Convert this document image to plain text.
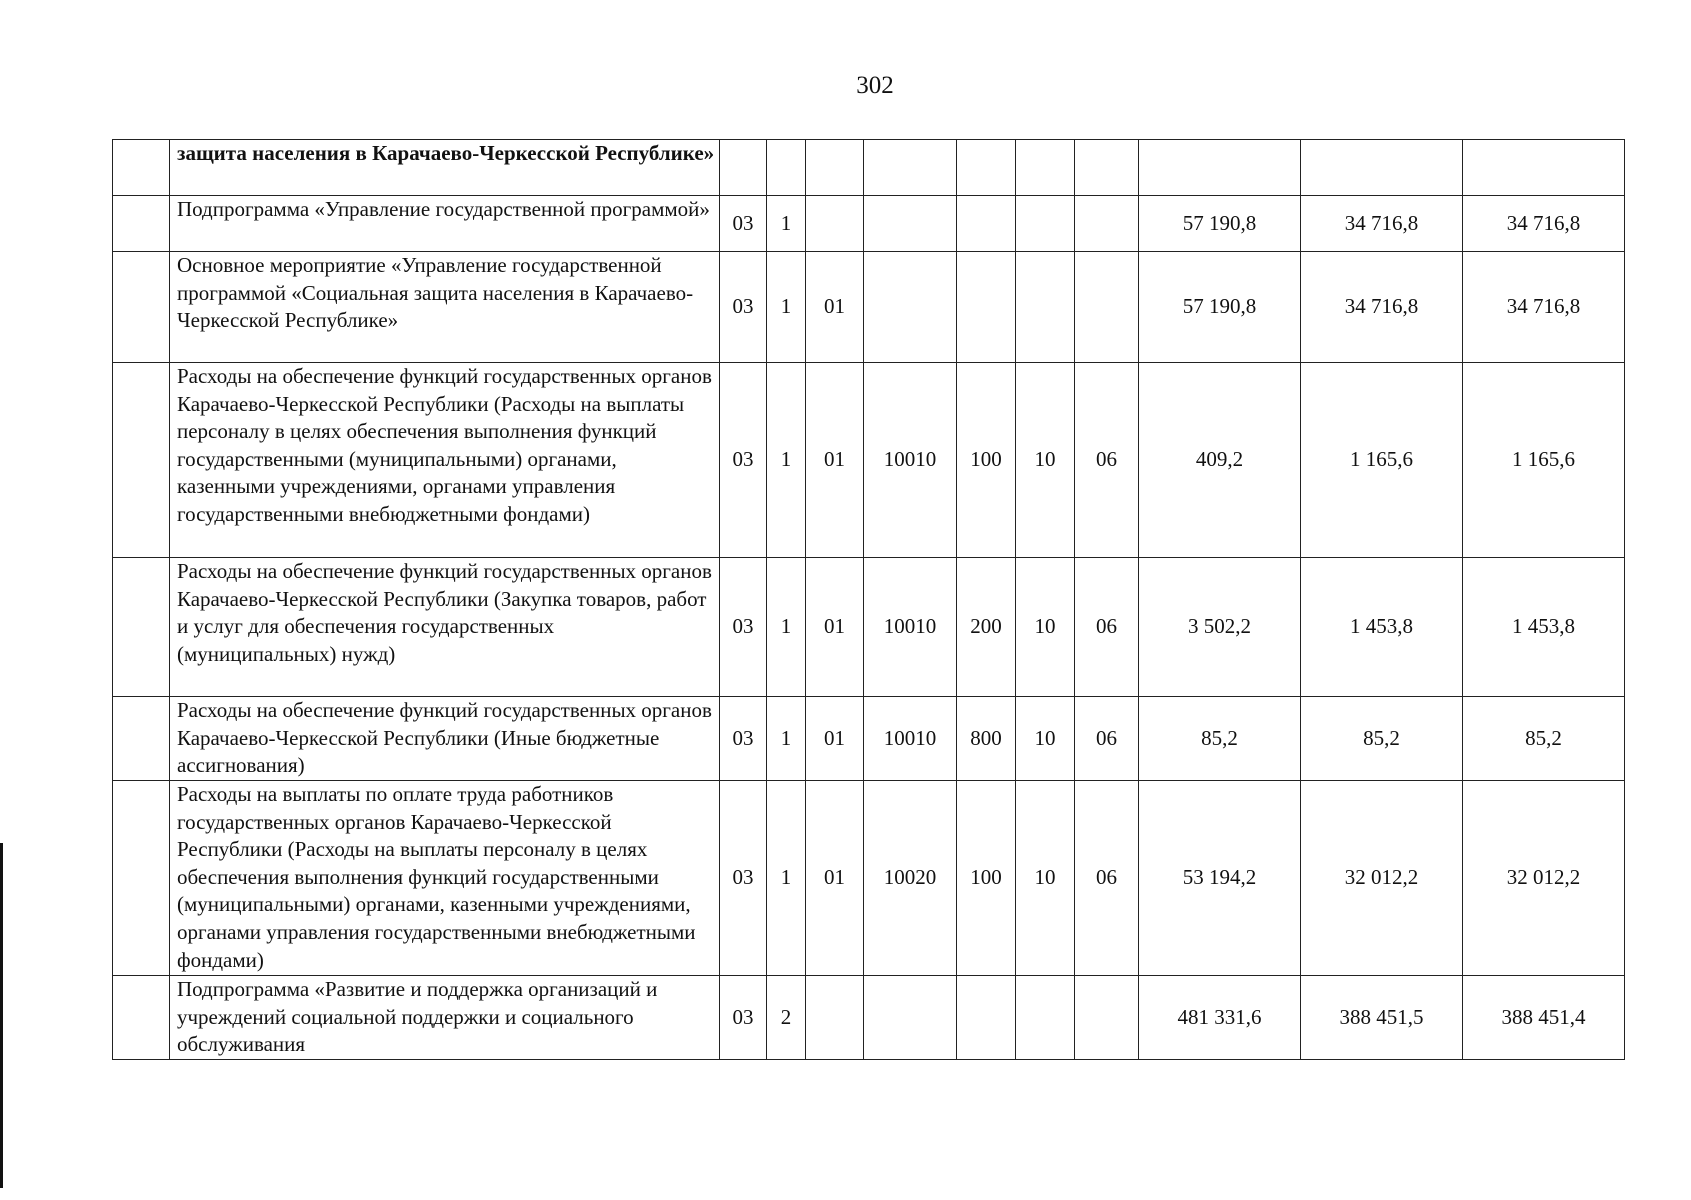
302
	защита населения в Карачаево-Черкесской Республике»										
	Подпрограмма «Управление государственной программой»	03	1						57 190,8	34 716,8	34 716,8
	Основное мероприятие «Управление государственной программой «Социальная защита населения в Карачаево-Черкесской Республике»	03	1	01					57 190,8	34 716,8	34 716,8
	Расходы на обеспечение функций государственных органов Карачаево-Черкесской Республики (Расходы на выплаты персоналу в целях обеспечения выполнения функций государственными (муниципальными) органами, казенными учреждениями, органами управления государственными внебюджетными фондами)	03	1	01	10010	100	10	06	409,2	1 165,6	1 165,6
	Расходы на обеспечение функций государственных органов Карачаево-Черкесской Республики (Закупка товаров, работ и услуг для обеспечения государственных (муниципальных) нужд)	03	1	01	10010	200	10	06	3 502,2	1 453,8	1 453,8
	Расходы на обеспечение функций государственных органов Карачаево-Черкесской Республики (Иные бюджетные ассигнования)	03	1	01	10010	800	10	06	85,2	85,2	85,2
	Расходы на выплаты по оплате труда работников государственных органов Карачаево-Черкесской Республики (Расходы на выплаты персоналу в целях обеспечения выполнения функций государственными (муниципальными) органами, казенными учреждениями, органами управления государственными внебюджетными фондами)	03	1	01	10020	100	10	06	53 194,2	32 012,2	32 012,2
	Подпрограмма «Развитие и поддержка организаций и учреждений социальной поддержки и социального обслуживания	03	2						481 331,6	388 451,5	388 451,4
